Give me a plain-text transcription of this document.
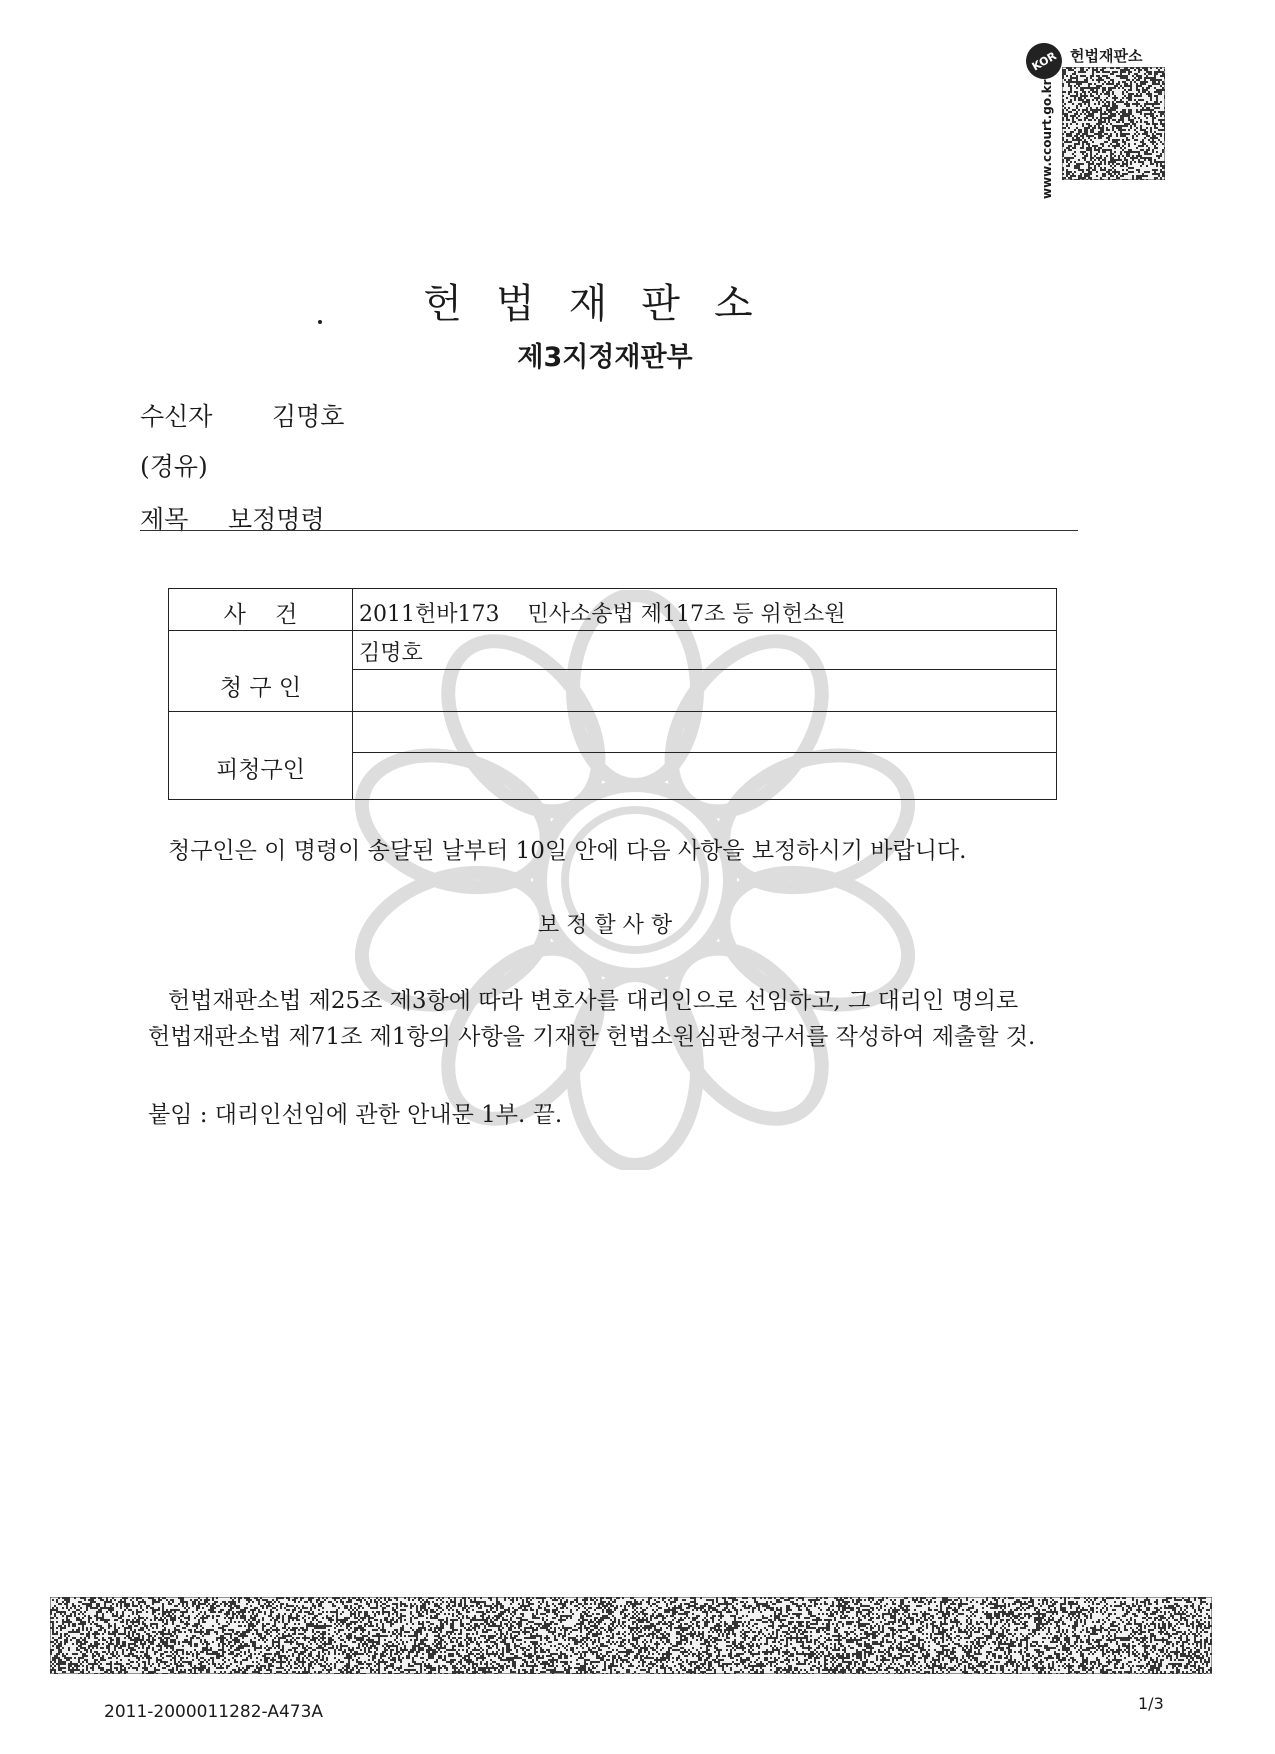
KOR 헌법재판소
www.ccourt.go.kr
헌법재판소
제3지정재판부
수신자 김명호
(경유)
제목 보정명령
사    건	2011헌바173    민사소송법 제117조 등 위헌소원
청 구 인
김명호
피청구인
청구인은 이 명령이 송달된 날부터 10일 안에 다음 사항을 보정하시기 바랍니다.
보 정 할 사 항
헌법재판소법 제25조 제3항에 따라 변호사를 대리인으로 선임하고, 그 대리인 명의로
헌법재판소법 제71조 제1항의 사항을 기재한 헌법소원심판청구서를 작성하여 제출할 것.
붙임 : 대리인선임에 관한 안내문 1부. 끝.
2011-2000011282-A473A	1/3
